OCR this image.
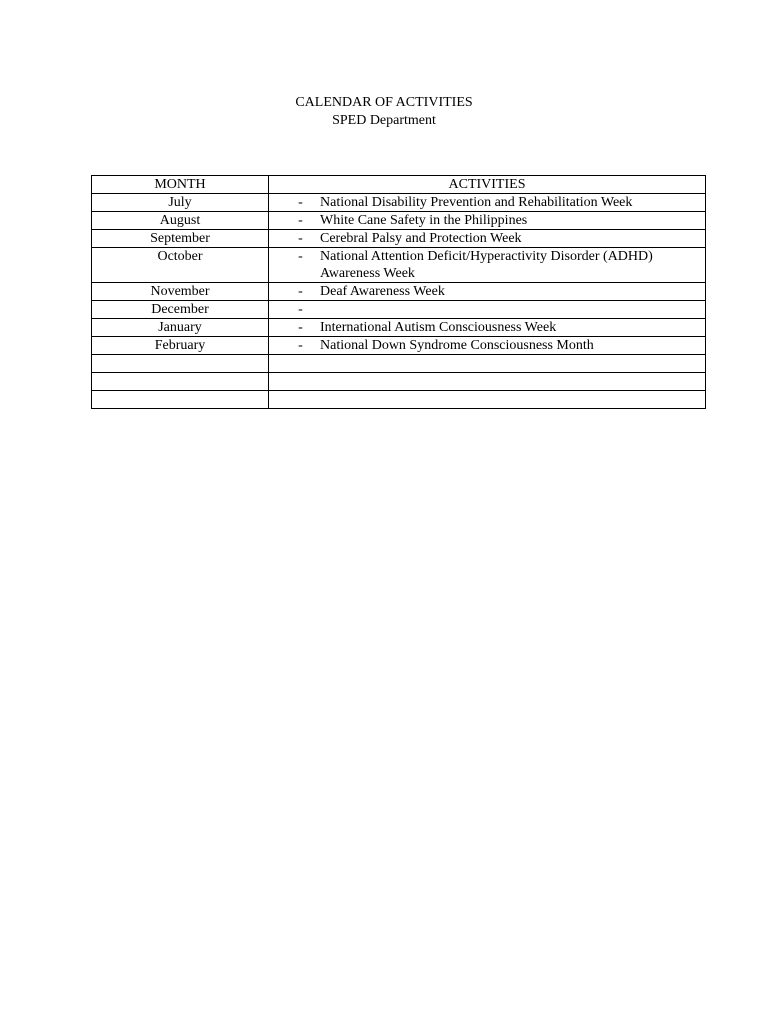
CALENDAR OF ACTIVITIES
SPED Department
MONTH	ACTIVITIES
July	- National Disability Prevention and Rehabilitation Week

August	- White Cane Safety in the Philippines

September	- Cerebral Palsy and Protection Week

October	- National Attention Deficit/Hyperactivity Disorder (ADHD) Awareness Week

November	- Deaf Awareness Week

December	-

January	- International Autism Consciousness Week

February	- National Down Syndrome Consciousness Month
